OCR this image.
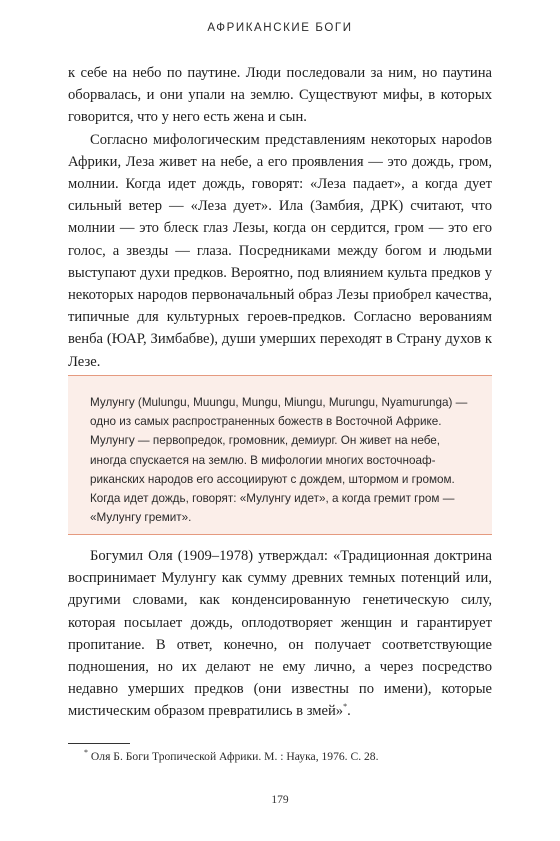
АФРИКАНСКИЕ БОГИ

к себе на небо по паутине. Люди последовали за ним, но паутина оборвалась, и они упали на землю. Существуют мифы, в которых говорится, что у него есть жена и сын.

Согласно мифологическим представлениям некоторых нароdов Африки, Леза живет на небе, а его проявления — это дождь, гром, молнии. Когда идет дождь, говорят: «Леза падает», а когда дует сильный ветер — «Леза дует». Ила (Замбия, ДРК) считают, что молнии — это блеск глаз Лезы, когда он сердится, гром — это его голос, а звезды — глаза. Посредниками между богом и людьми выступают духи предков. Вероятно, под влиянием культа предков у некоторых народов первоначальный образ Лезы приобрел качества, типичные для культурных героев-предков. Согласно верованиям венба (ЮАР, Зимбабве), души умерших переходят в Страну духов к Лезе.

Мулунгу (Mulungu, Muungu, Mungu, Miungu, Murungu, Nyamurunga) — одно из самых распространенных божеств в Восточной Африке. Мулунгу — первопредок, громовник, демиург. Он живет на небе, иногда спускается на землю. В мифологии многих восточноафриканских народов его ассоциируют с дождем, штормом и громом. Когда идет дождь, говорят: «Мулунгу идет», а когда гремит гром — «Мулунгу гремит».

Богумил Оля (1909–1978) утверждал: «Традиционная доктрина воспринимает Мулунгу как сумму древних темных потенций или, другими словами, как конденсированную генетическую силу, которая посылает дождь, оплодотворяет женщин и гарантирует пропитание. В ответ, конечно, он получает соответствующие подношения, но их делают не ему лично, а через посредство недавно умерших предков (они известны по имени), которые мистическим образом превратились в змей»*.

* Оля Б. Боги Тропической Африки. М. : Наука, 1976. С. 28.
179
